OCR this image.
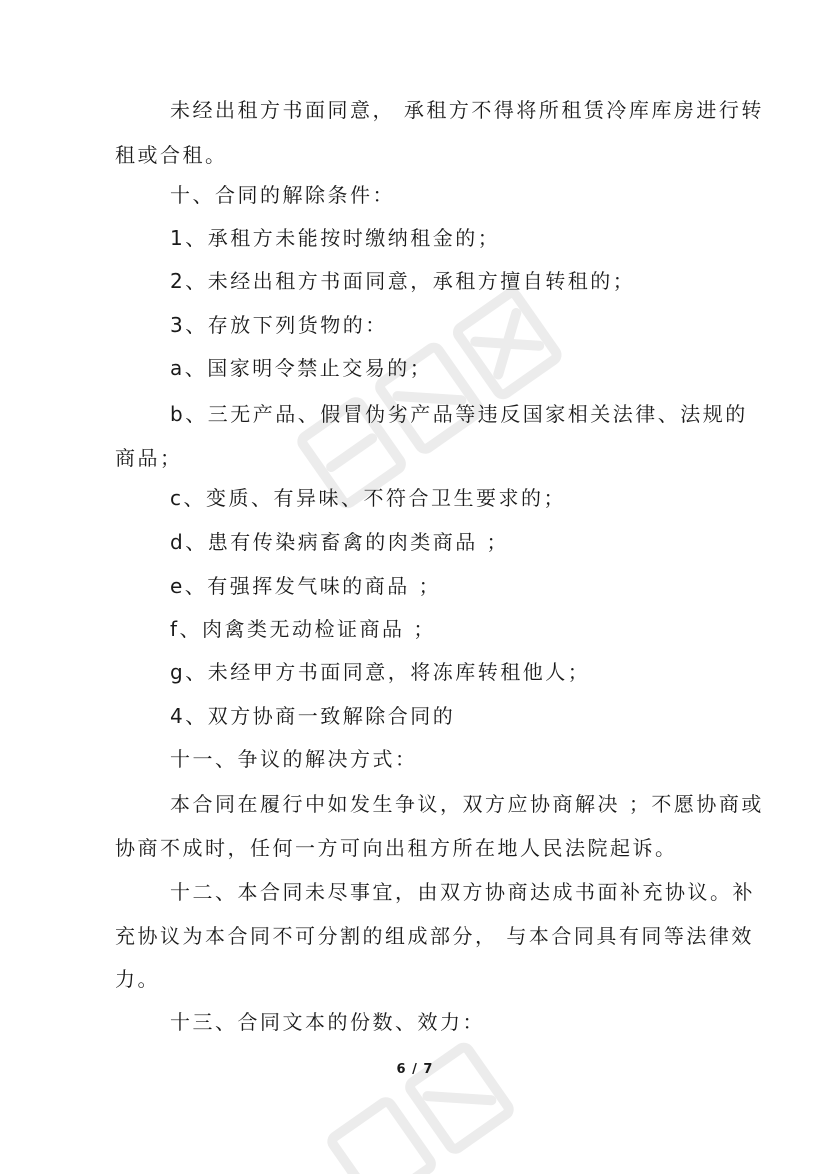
未经出租方书面同意， 承租方不得将所租赁冷库库房进行转
租或合租。
十、合同的解除条件：
1、承租方未能按时缴纳租金的；
2、未经出租方书面同意，承租方擅自转租的；
3、存放下列货物的：
a、国家明令禁止交易的；
b、三无产品、假冒伪劣产品等违反国家相关法律、法规的
商品；
c、变质、有异味、不符合卫生要求的；
d、患有传染病畜禽的肉类商品 ；
e、有强挥发气味的商品 ；
f、肉禽类无动检证商品 ；
g、未经甲方书面同意，将冻库转租他人；
4、双方协商一致解除合同的
十一、争议的解决方式：
本合同在履行中如发生争议，双方应协商解决 ；不愿协商或
协商不成时，任何一方可向出租方所在地人民法院起诉。
十二、本合同未尽事宜，由双方协商达成书面补充协议。补
充协议为本合同不可分割的组成部分， 与本合同具有同等法律效
力。
十三、合同文本的份数、效力：
6 / 7
